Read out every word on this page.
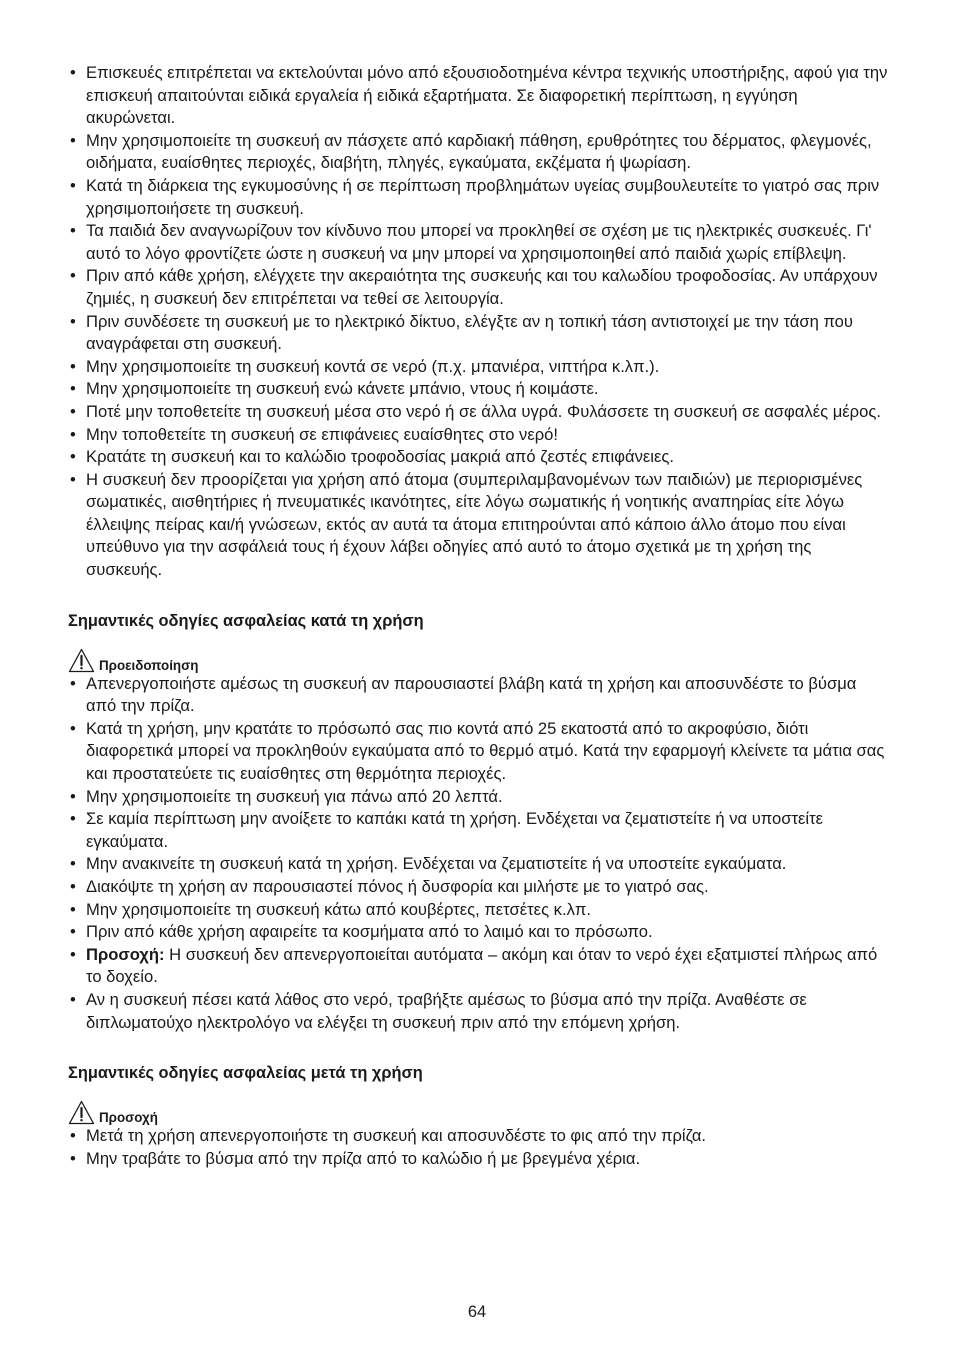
• Επισκευές επιτρέπεται να εκτελούνται μόνο από εξουσιοδοτημένα κέντρα τεχνικής υποστήριξης, αφού για την επισκευή απαιτούνται ειδικά εργαλεία ή ειδικά εξαρτήματα. Σε διαφορετική περίπτωση, η εγγύηση ακυρώνεται.
• Μην χρησιμοποιείτε τη συσκευή αν πάσχετε από καρδιακή πάθηση, ερυθρότητες του δέρματος, φλεγμονές, οιδήματα, ευαίσθητες περιοχές, διαβήτη, πληγές, εγκαύματα, εκζέματα ή ψωρίαση.
• Κατά τη διάρκεια της εγκυμοσύνης ή σε περίπτωση προβλημάτων υγείας συμβουλευτείτε το γιατρό σας πριν χρησιμοποιήσετε τη συσκευή.
• Τα παιδιά δεν αναγνωρίζουν τον κίνδυνο που μπορεί να προκληθεί σε σχέση με τις ηλεκτρικές συσκευές. Γι' αυτό το λόγο φροντίζετε ώστε η συσκευή να μην μπορεί να χρησιμοποιηθεί από παιδιά χωρίς επίβλεψη.
• Πριν από κάθε χρήση, ελέγχετε την ακεραιότητα της συσκευής και του καλωδίου τροφοδοσίας. Αν υπάρχουν ζημιές, η συσκευή δεν επιτρέπεται να τεθεί σε λειτουργία.
• Πριν συνδέσετε τη συσκευή με το ηλεκτρικό δίκτυο, ελέγξτε αν η τοπική τάση αντιστοιχεί με την τάση που αναγράφεται στη συσκευή.
• Μην χρησιμοποιείτε τη συσκευή κοντά σε νερό (π.χ. μπανιέρα, νιπτήρα κ.λπ.).
• Μην χρησιμοποιείτε τη συσκευή ενώ κάνετε μπάνιο, ντους ή κοιμάστε.
• Ποτέ μην τοποθετείτε τη συσκευή μέσα στο νερό ή σε άλλα υγρά. Φυλάσσετε τη συσκευή σε ασφαλές μέρος.
• Μην τοποθετείτε τη συσκευή σε επιφάνειες ευαίσθητες στο νερό!
• Κρατάτε τη συσκευή και το καλώδιο τροφοδοσίας μακριά από ζεστές επιφάνειες.
• Η συσκευή δεν προορίζεται για χρήση από άτομα (συμπεριλαμβανομένων των παιδιών) με περιορισμένες σωματικές, αισθητήριες ή πνευματικές ικανότητες, είτε λόγω σωματικής ή νοητικής αναπηρίας είτε λόγω έλλειψης πείρας και/ή γνώσεων, εκτός αν αυτά τα άτομα επιτηρούνται από κάποιο άλλο άτομο που είναι υπεύθυνο για την ασφάλειά τους ή έχουν λάβει οδηγίες από αυτό το άτομο σχετικά με τη χρήση της συσκευής.
Σημαντικές οδηγίες ασφαλείας κατά τη χρήση
Προειδοποίηση
• Απενεργοποιήστε αμέσως τη συσκευή αν παρουσιαστεί βλάβη κατά τη χρήση και αποσυνδέστε το βύσμα από την πρίζα.
• Κατά τη χρήση, μην κρατάτε το πρόσωπό σας πιο κοντά από 25 εκατοστά από το ακροφύσιο, διότι διαφορετικά μπορεί να προκληθούν εγκαύματα από το θερμό ατμό. Κατά την εφαρμογή κλείνετε τα μάτια σας και προστατεύετε τις ευαίσθητες στη θερμότητα περιοχές.
• Μην χρησιμοποιείτε τη συσκευή για πάνω από 20 λεπτά.
• Σε καμία περίπτωση μην ανοίξετε το καπάκι κατά τη χρήση. Ενδέχεται να ζεματιστείτε ή να υποστείτε εγκαύματα.
• Μην ανακινείτε τη συσκευή κατά τη χρήση. Ενδέχεται να ζεματιστείτε ή να υποστείτε εγκαύματα.
• Διακόψτε τη χρήση αν παρουσιαστεί πόνος ή δυσφορία και μιλήστε με το γιατρό σας.
• Μην χρησιμοποιείτε τη συσκευή κάτω από κουβέρτες, πετσέτες κ.λπ.
• Πριν από κάθε χρήση αφαιρείτε τα κοσμήματα από το λαιμό και το πρόσωπο.
• Προσοχή: Η συσκευή δεν απενεργοποιείται αυτόματα – ακόμη και όταν το νερό έχει εξατμιστεί πλήρως από το δοχείο.
• Αν η συσκευή πέσει κατά λάθος στο νερό, τραβήξτε αμέσως το βύσμα από την πρίζα. Αναθέστε σε διπλωματούχο ηλεκτρολόγο να ελέγξει τη συσκευή πριν από την επόμενη χρήση.
Σημαντικές οδηγίες ασφαλείας μετά τη χρήση
Προσοχή
• Μετά τη χρήση απενεργοποιήστε τη συσκευή και αποσυνδέστε το φις από την πρίζα.
• Μην τραβάτε το βύσμα από την πρίζα από το καλώδιο ή με βρεγμένα χέρια.
64
